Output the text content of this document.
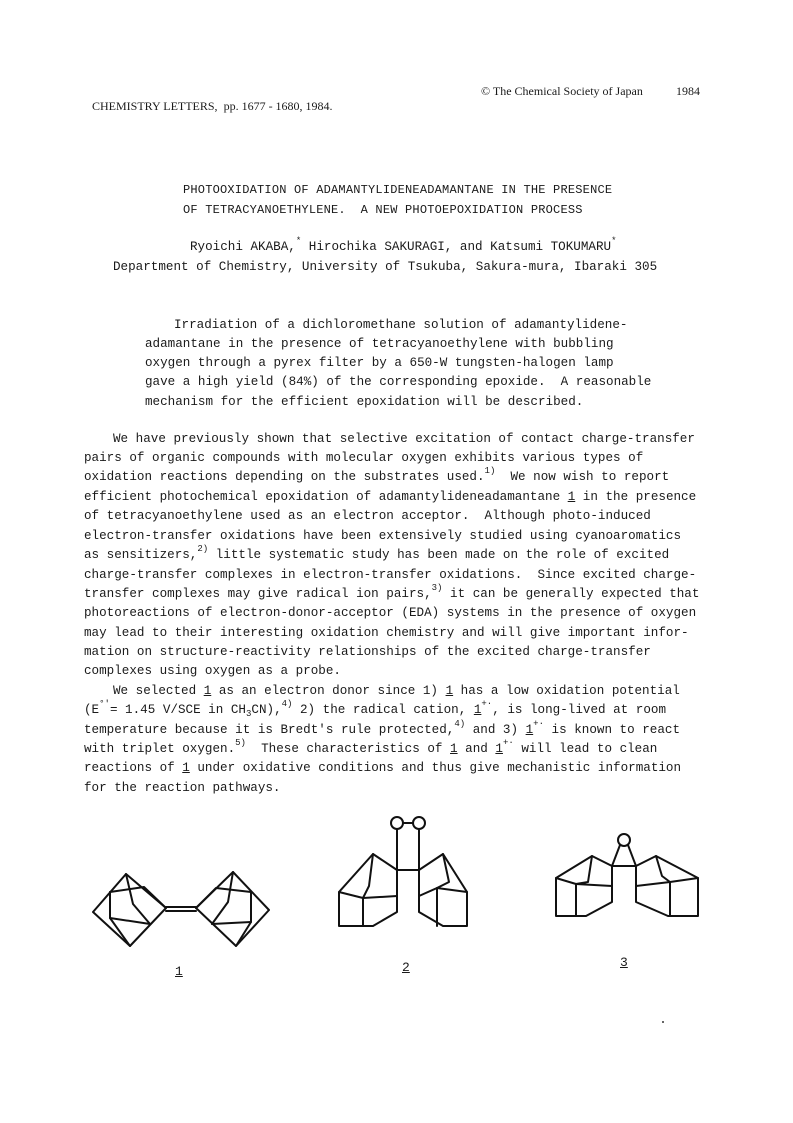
CHEMISTRY LETTERS, pp. 1677 - 1680, 1984.

© The Chemical Society of Japan	1984
PHOTOOXIDATION OF ADAMANTYLIDENEADAMANTANE IN THE PRESENCE
OF TETRACYANOETHYLENE.  A NEW PHOTOEPOXIDATION PROCESS
Ryoichi AKABA,* Hirochika SAKURAGI, and Katsumi TOKUMARU*
Department of Chemistry, University of Tsukuba, Sakura-mura, Ibaraki 305
Irradiation of a dichloromethane solution of adamantylidene-
adamantane in the presence of tetracyanoethylene with bubbling
oxygen through a pyrex filter by a 650-W tungsten-halogen lamp
gave a high yield (84%) of the corresponding epoxide.  A reasonable
mechanism for the efficient epoxidation will be described.
We have previously shown that selective excitation of contact charge-transfer
pairs of organic compounds with molecular oxygen exhibits various types of
oxidation reactions depending on the substrates used.$^{1)}$  We now wish to report
efficient photochemical epoxidation of adamantylideneadamantane 1 in the presence
of tetracyanoethylene used as an electron acceptor.  Although photo-induced
electron-transfer oxidations have been extensively studied using cyanoaromatics
as sensitizers,$^{2)}$ little systematic study has been made on the role of excited
charge-transfer complexes in electron-transfer oxidations.  Since excited charge-
transfer complexes may give radical ion pairs,$^{3)}$ it can be generally expected that
photoreactions of electron-donor-acceptor (EDA) systems in the presence of oxygen
may lead to their interesting oxidation chemistry and will give important infor-
mation on structure-reactivity relationships of the excited charge-transfer
complexes using oxygen as a probe.
We selected 1 as an electron donor since 1) 1 has a low oxidation potential
(E°'= 1.45 V/SCE in $CH_3CN),^{4)}$ 2) the radical cation, 1+·, is long-lived at room
temperature because it is Bredt's rule protected,$^{4)}$ and 3) 1+· is known to react
with triplet oxygen.$^{5)}$  These characteristics of 1 and 1+· will lead to clean
reactions of 1 under oxidative conditions and thus give mechanistic information
for the reaction pathways.
1	2	3
